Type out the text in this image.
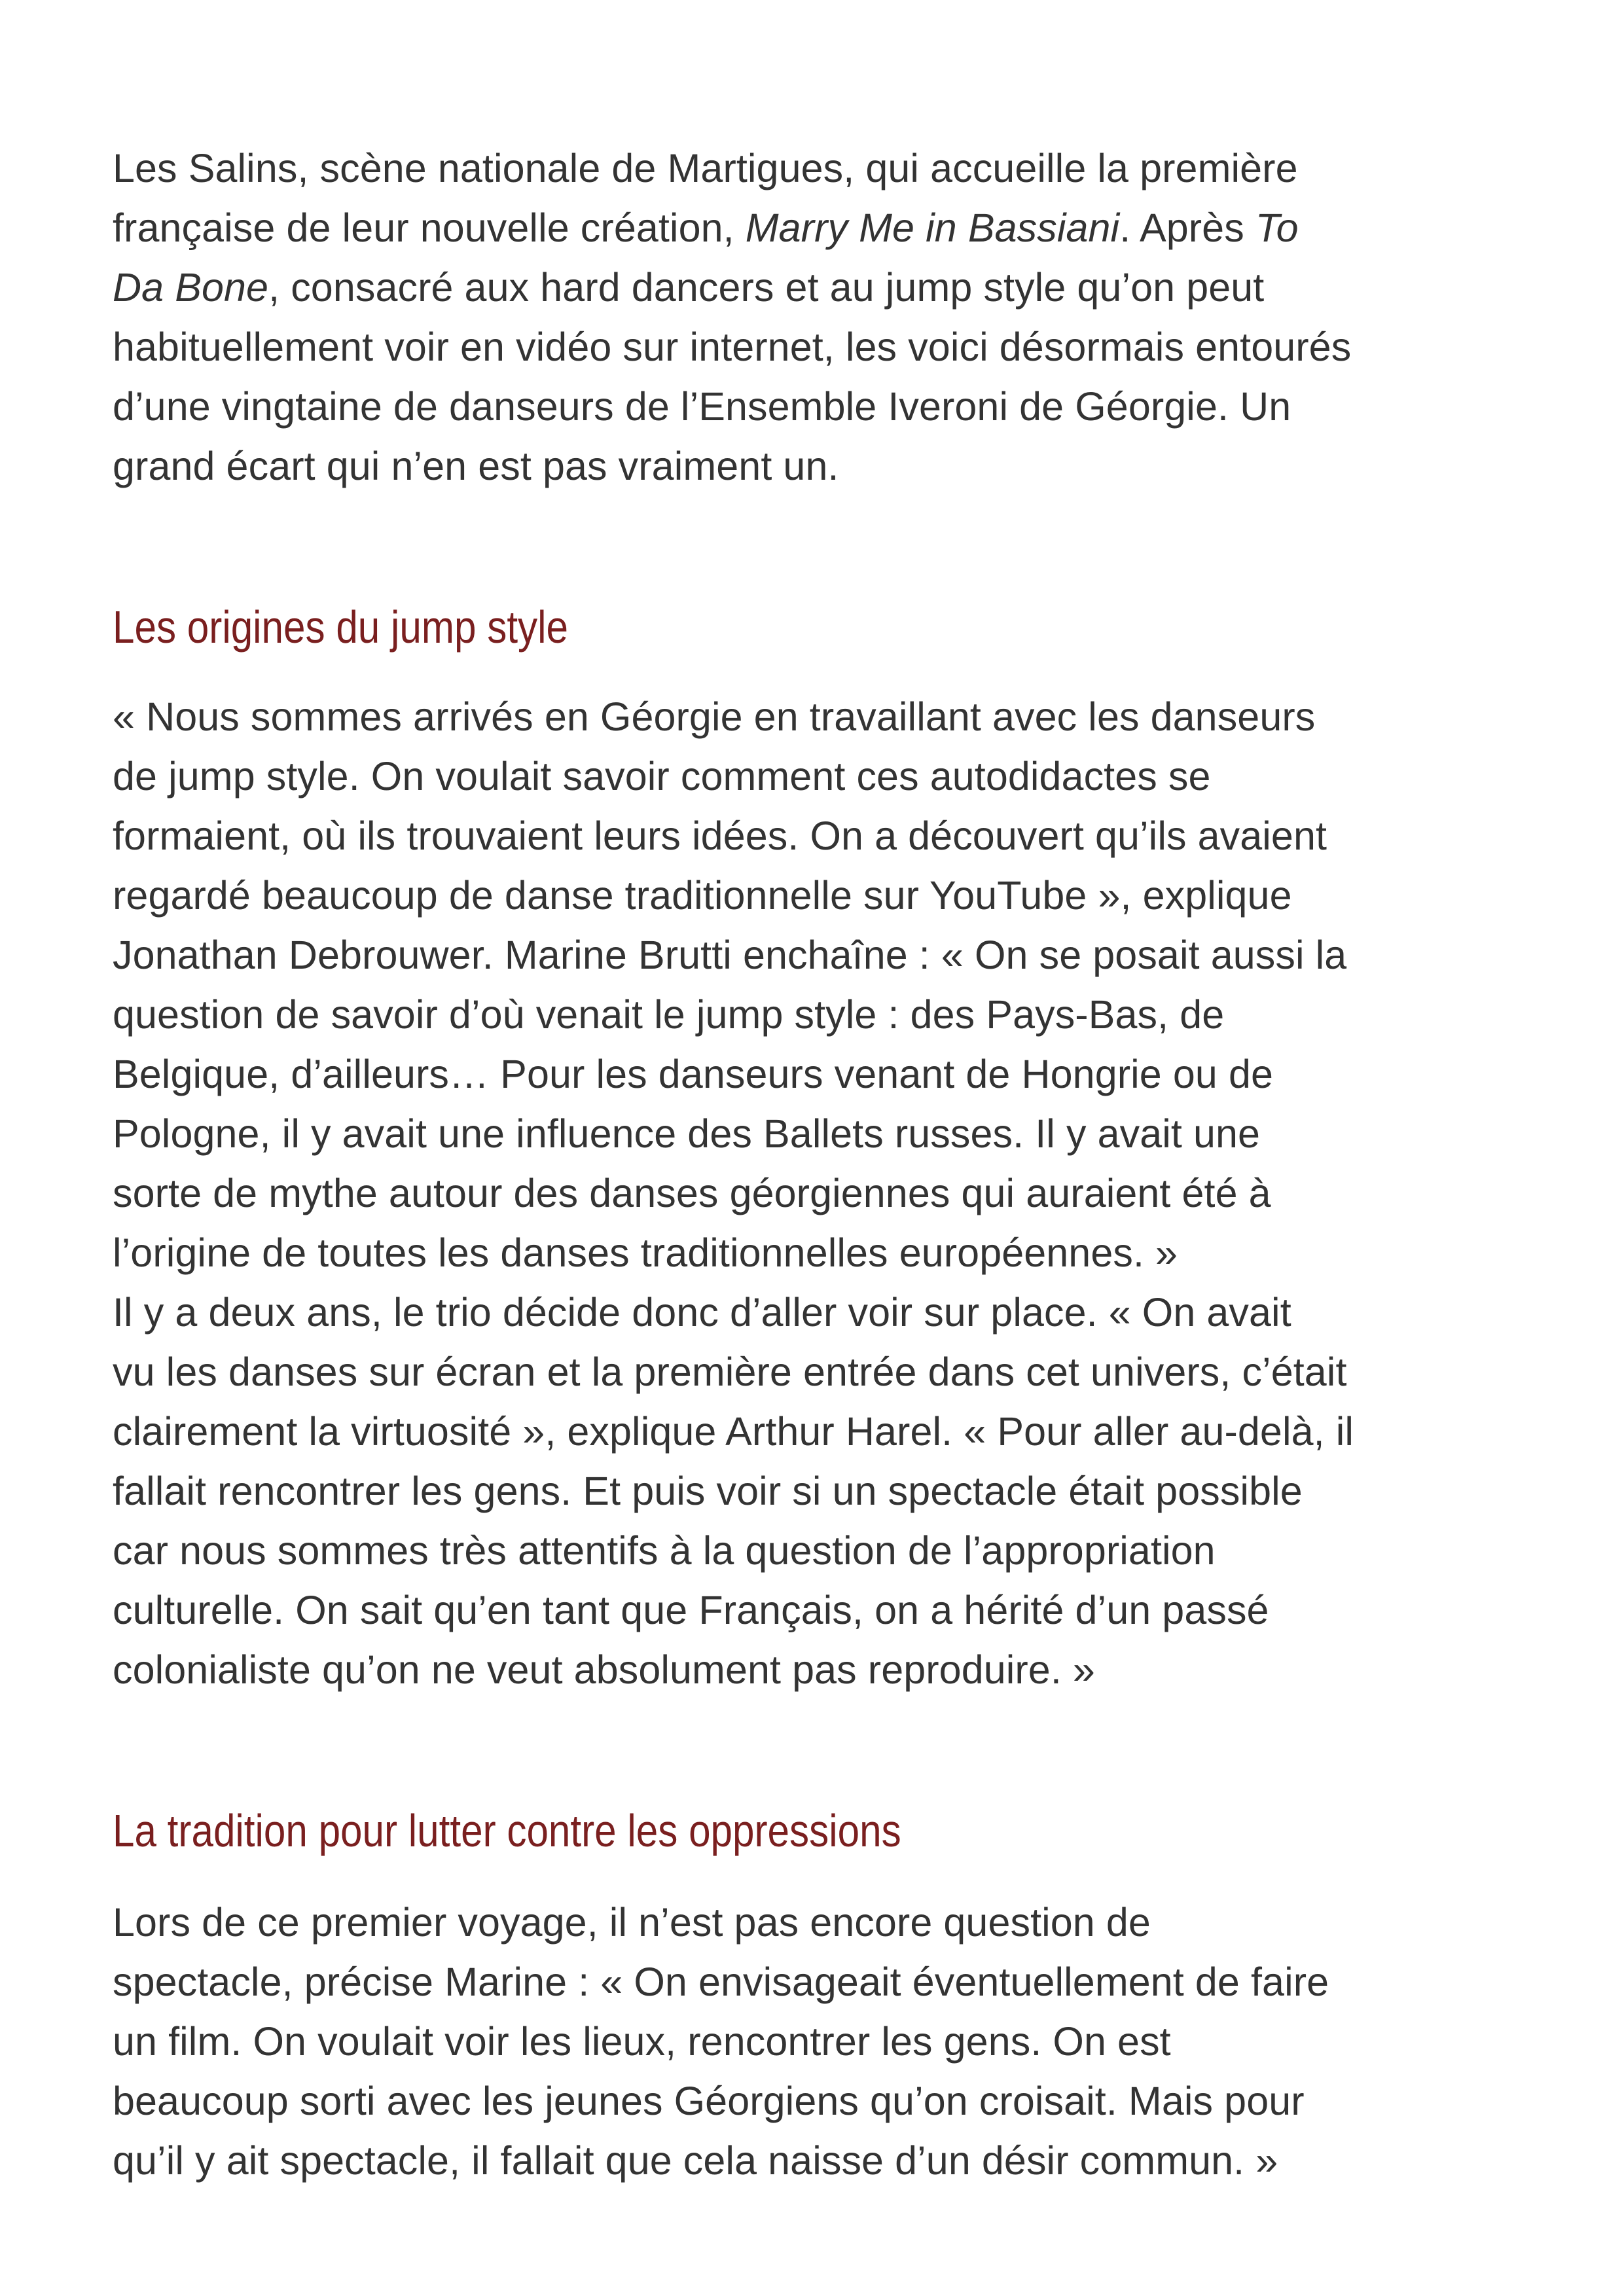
Les Salins, scène nationale de Martigues, qui accueille la première
française de leur nouvelle création, Marry Me in Bassiani. Après To
Da Bone, consacré aux hard dancers et au jump style qu’on peut
habituellement voir en vidéo sur internet, les voici désormais entourés
d’une vingtaine de danseurs de l’Ensemble Iveroni de Géorgie. Un
grand écart qui n’en est pas vraiment un.

Les origines du jump style

« Nous sommes arrivés en Géorgie en travaillant avec les danseurs
de jump style. On voulait savoir comment ces autodidactes se
formaient, où ils trouvaient leurs idées. On a découvert qu’ils avaient
regardé beaucoup de danse traditionnelle sur YouTube », explique
Jonathan Debrouwer. Marine Brutti enchaîne : « On se posait aussi la
question de savoir d’où venait le jump style : des Pays-Bas, de
Belgique, d’ailleurs… Pour les danseurs venant de Hongrie ou de
Pologne, il y avait une influence des Ballets russes. Il y avait une
sorte de mythe autour des danses géorgiennes qui auraient été à
l’origine de toutes les danses traditionnelles européennes. »

Il y a deux ans, le trio décide donc d’aller voir sur place. « On avait
vu les danses sur écran et la première entrée dans cet univers, c’était
clairement la virtuosité », explique Arthur Harel. « Pour aller au-delà, il
fallait rencontrer les gens. Et puis voir si un spectacle était possible
car nous sommes très attentifs à la question de l’appropriation
culturelle. On sait qu’en tant que Français, on a hérité d’un passé
colonialiste qu’on ne veut absolument pas reproduire. »

La tradition pour lutter contre les oppressions

Lors de ce premier voyage, il n’est pas encore question de
spectacle, précise Marine : « On envisageait éventuellement de faire
un film. On voulait voir les lieux, rencontrer les gens. On est
beaucoup sorti avec les jeunes Géorgiens qu’on croisait. Mais pour
qu’il y ait spectacle, il fallait que cela naisse d’un désir commun. »
